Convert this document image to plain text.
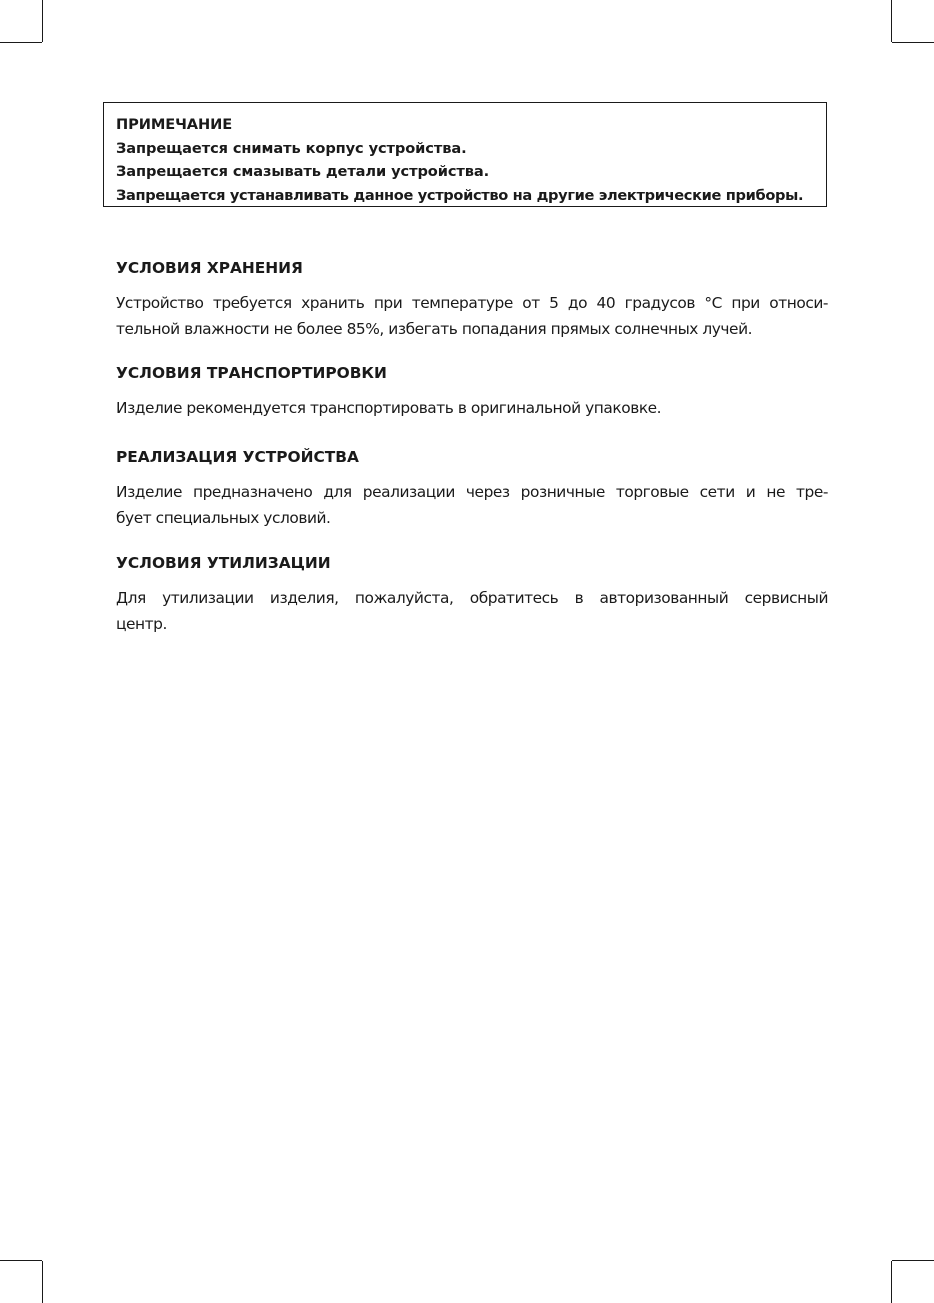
ПРИМЕЧАНИЕ
Запрещается снимать корпус устройства.
Запрещается смазывать детали устройства.
Запрещается устанавливать данное устройство на другие электрические приборы.
УСЛОВИЯ ХРАНЕНИЯ
Устройство требуется хранить при температуре от 5 до 40 градусов °С при относи-
тельной влажности не более 85%, избегать попадания прямых солнечных лучей.
УСЛОВИЯ ТРАНСПОРТИРОВКИ
Изделие рекомендуется транспортировать в оригинальной упаковке.
РЕАЛИЗАЦИЯ УСТРОЙСТВА
Изделие предназначено для реализации через розничные торговые сети и не тре-
бует специальных условий.
УСЛОВИЯ УТИЛИЗАЦИИ
Для утилизации изделия, пожалуйста, обратитесь в авторизованный сервисный
центр.
